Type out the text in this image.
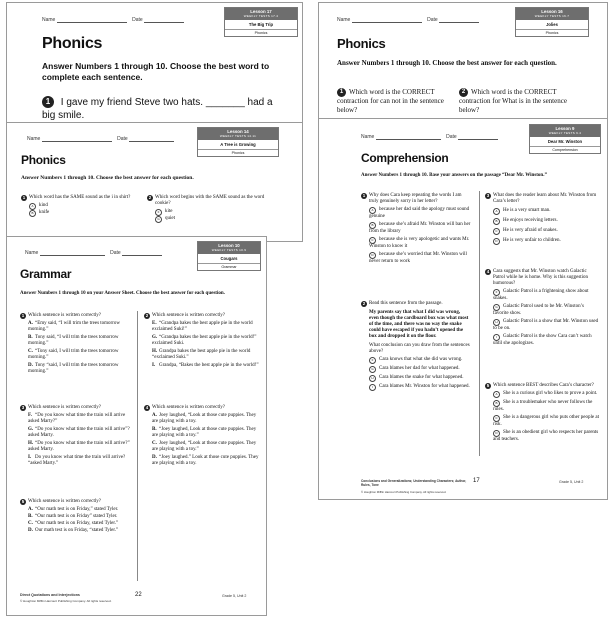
Name	Date
Lesson 17
WEEKLY TESTS 17.4
The Big Trip
Phonics
Phonics
Answer Numbers 1 through 10. Choose the best word to complete each sentence.
1 I gave my friend Steve two hats. _______ had a big smile.
Name	Date
Lesson 14
WEEKLY TESTS 14.11
A Tree is Growing
Phonics
Phonics
Answer Numbers 1 through 10. Choose the best answer for each question.
1 Which word has the SAME sound as the i in shirt?
A kind
B knife
2 Which word begins with the SAME sound as the word cookie?
F kite
G quiet
Name	Date
Lesson 10
WEEKLY TESTS 10.9
Cougars
Grammar
Grammar
Answer Numbers 1 through 10 on your Answer Sheet. Choose the best answer for each question.
1 Which sentence is written correctly?
A. “Emy said, “I will trim the trees tomorrow morning.”
B. Tony said, “I will trim the trees tomorrow morning.”
C. “Tony said, I will trim the trees tomorrow morning.”
D. Tony “said, I will trim the trees tomorrow morning.”
2 Which sentence is written correctly?
E. “Grandpa bakes the best apple pie in the world exclaimed Suki!”
G. “Grandpa bakes the best apple pie in the world!” exclaimed Suki.
H. Grandpa bakes the best apple pie in the world “exclaimed Suki.”
I. Grandpa, “Bakes the best apple pie in the world!”
3 Which sentence is written correctly?
F. “Do you know what time the train will arrive asked Marty?”
G. “Do you know what time the train will arrive”? asked Marty.
H. “Do you know what time the train will arrive?” asked Marty.
I. Do you know what time the train will arrive? “asked Marty.”
4 Which sentence is written correctly?
A. Joey laughed, “Look at those cute puppies. They are playing with a toy.
B. “Joey laughed, Look at those cute puppies. They are playing with a toy.”
C. Joey laughed, “Look at those cute puppies. They are playing with a toy.”
D. “Joey laughed.” Look at those cute puppies. They are playing with a toy.
5 Which sentence is written correctly?
A. “Our math test is on Friday,” stated Tyler.
B. “Our math test is on Friday” stated Tyler.
C. “Our math test is on Friday, stated Tyler.”
D. Our math test is on Friday, “stated Tyler.”
Direct Quotations and Interjections
© Houghton Mifflin Harcourt Publishing Company. All rights reserved.
22	Grade 5, Unit 2
Name	Date
Lesson 16
WEEKLY TESTS 16.7
Jolies
Phonics
Phonics
Answer Numbers 1 through 10. Choose the best answer for each question.
1 Which word is the CORRECT contraction for can not in the sentence below?
2 Which word is the CORRECT contraction for What is in the sentence below?
Name	Date
Lesson 9
WEEKLY TESTS 9.4
Dear Mr. Winston
Comprehension
Comprehension
Answer Numbers 1 through 10. Base your answers on the passage “Dear Mr. Winston.”
1 Why does Cara keep repeating the words I am truly genuinely sorry in her letter?
A because her dad said the apology must sound genuine
B because she’s afraid Mr. Winston will ban her from the library
C because she is very apologetic and wants Mr. Winston to know it
D because she’s worried that Mr. Winston will never return to work
2 Read this sentence from the passage.
My parents say that what I did was wrong, even though the cardboard box was what most of the time, and there was no way the snake could have escaped if you hadn’t opened the box and dropped it on the floor.
What conclusion can you draw from the sentences above?
F Cara knows that what she did was wrong.
G Cara blames her dad for what happened.
H Cara blames the snake for what happened.
I Cara blames Mr. Winston for what happened.
3 What does the reader learn about Mr. Winston from Cara’s letter?
A He is a very smart man.
B He enjoys receiving letters.
C He is very afraid of snakes.
D He is very unfair to children.
4 Cara suggests that Mr. Winston watch Galactic Patrol while he is home. Why is this suggestion humorous?
F Galactic Patrol is a frightening show about snakes.
G Galactic Patrol used to be Mr. Winston’s favorite show.
H Galactic Patrol is a show that Mr. Winston used to be on.
I Galactic Patrol is the show Cara can’t watch until she apologizes.
5 Which sentence BEST describes Cara’s character?
A She is a curious girl who likes to prove a point.
B She is a troublemaker who never follows the rules.
C She is a dangerous girl who puts other people at risk.
D She is an obedient girl who respects her parents and teachers.
Conclusions and Generalizations; Understanding Characters; Author, Rules, Tone
© Houghton Mifflin Harcourt Publishing Company. All rights reserved.
17	Grade 5, Unit 2
